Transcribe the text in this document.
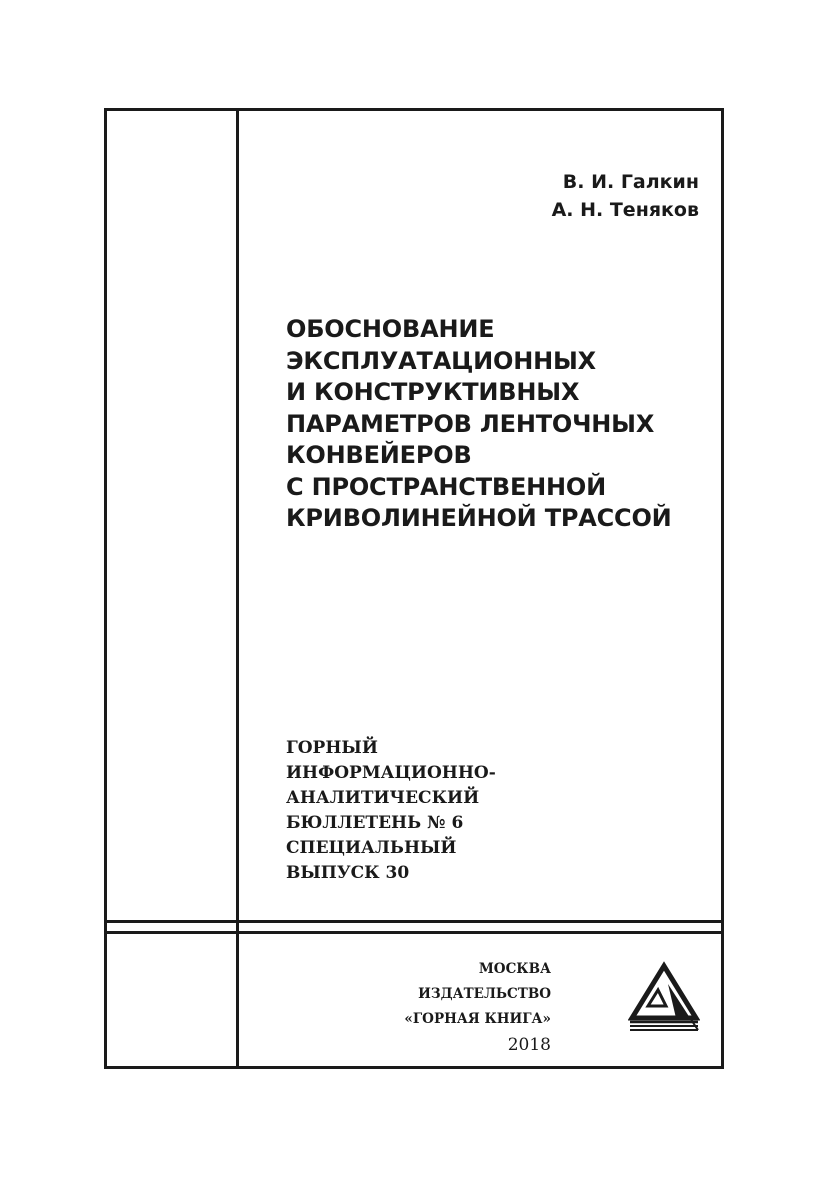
В. И. Галкин
А. Н. Теняков
ОБОСНОВАНИЕ
ЭКСПЛУАТАЦИОННЫХ
И КОНСТРУКТИВНЫХ
ПАРАМЕТРОВ ЛЕНТОЧНЫХ
КОНВЕЙЕРОВ
С ПРОСТРАНСТВЕННОЙ
КРИВОЛИНЕЙНОЙ ТРАССОЙ
ГОРНЫЙ
ИНФОРМАЦИОННО-
АНАЛИТИЧЕСКИЙ
БЮЛЛЕТЕНЬ № 6
СПЕЦИАЛЬНЫЙ
ВЫПУСК 30
МОСКВА
ИЗДАТЕЛЬСТВО
«ГОРНАЯ КНИГА»
2018
